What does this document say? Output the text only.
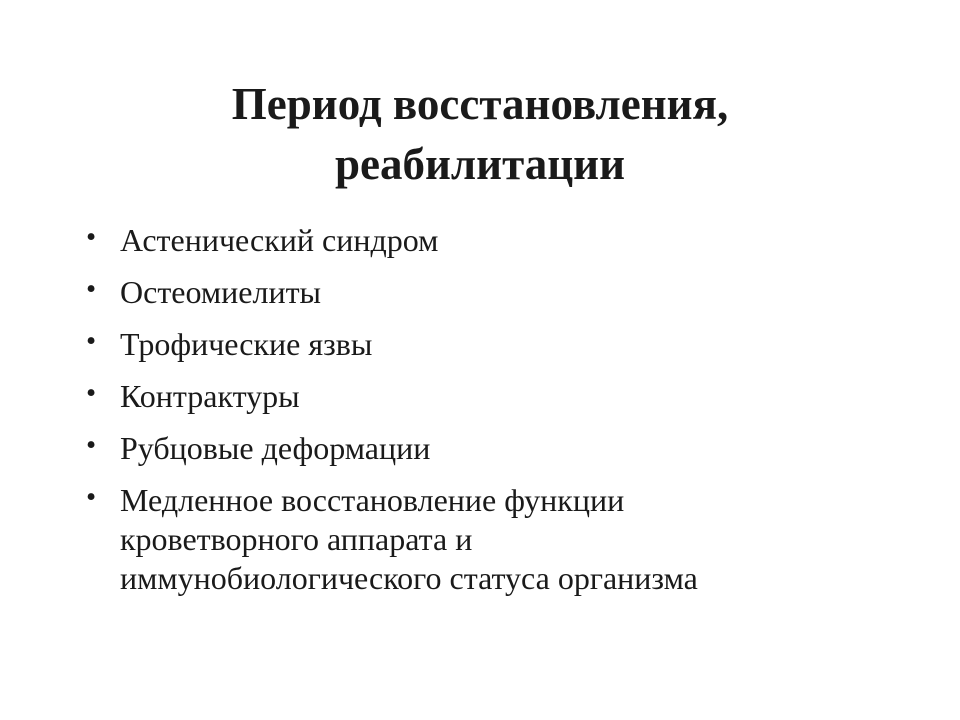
Период восстановления,
реабилитации
• Астенический синдром
• Остеомиелиты
• Трофические язвы
• Контрактуры
• Рубцовые деформации
• Медленное восстановление функции
кроветворного аппарата и
иммунобиологического статуса организма
